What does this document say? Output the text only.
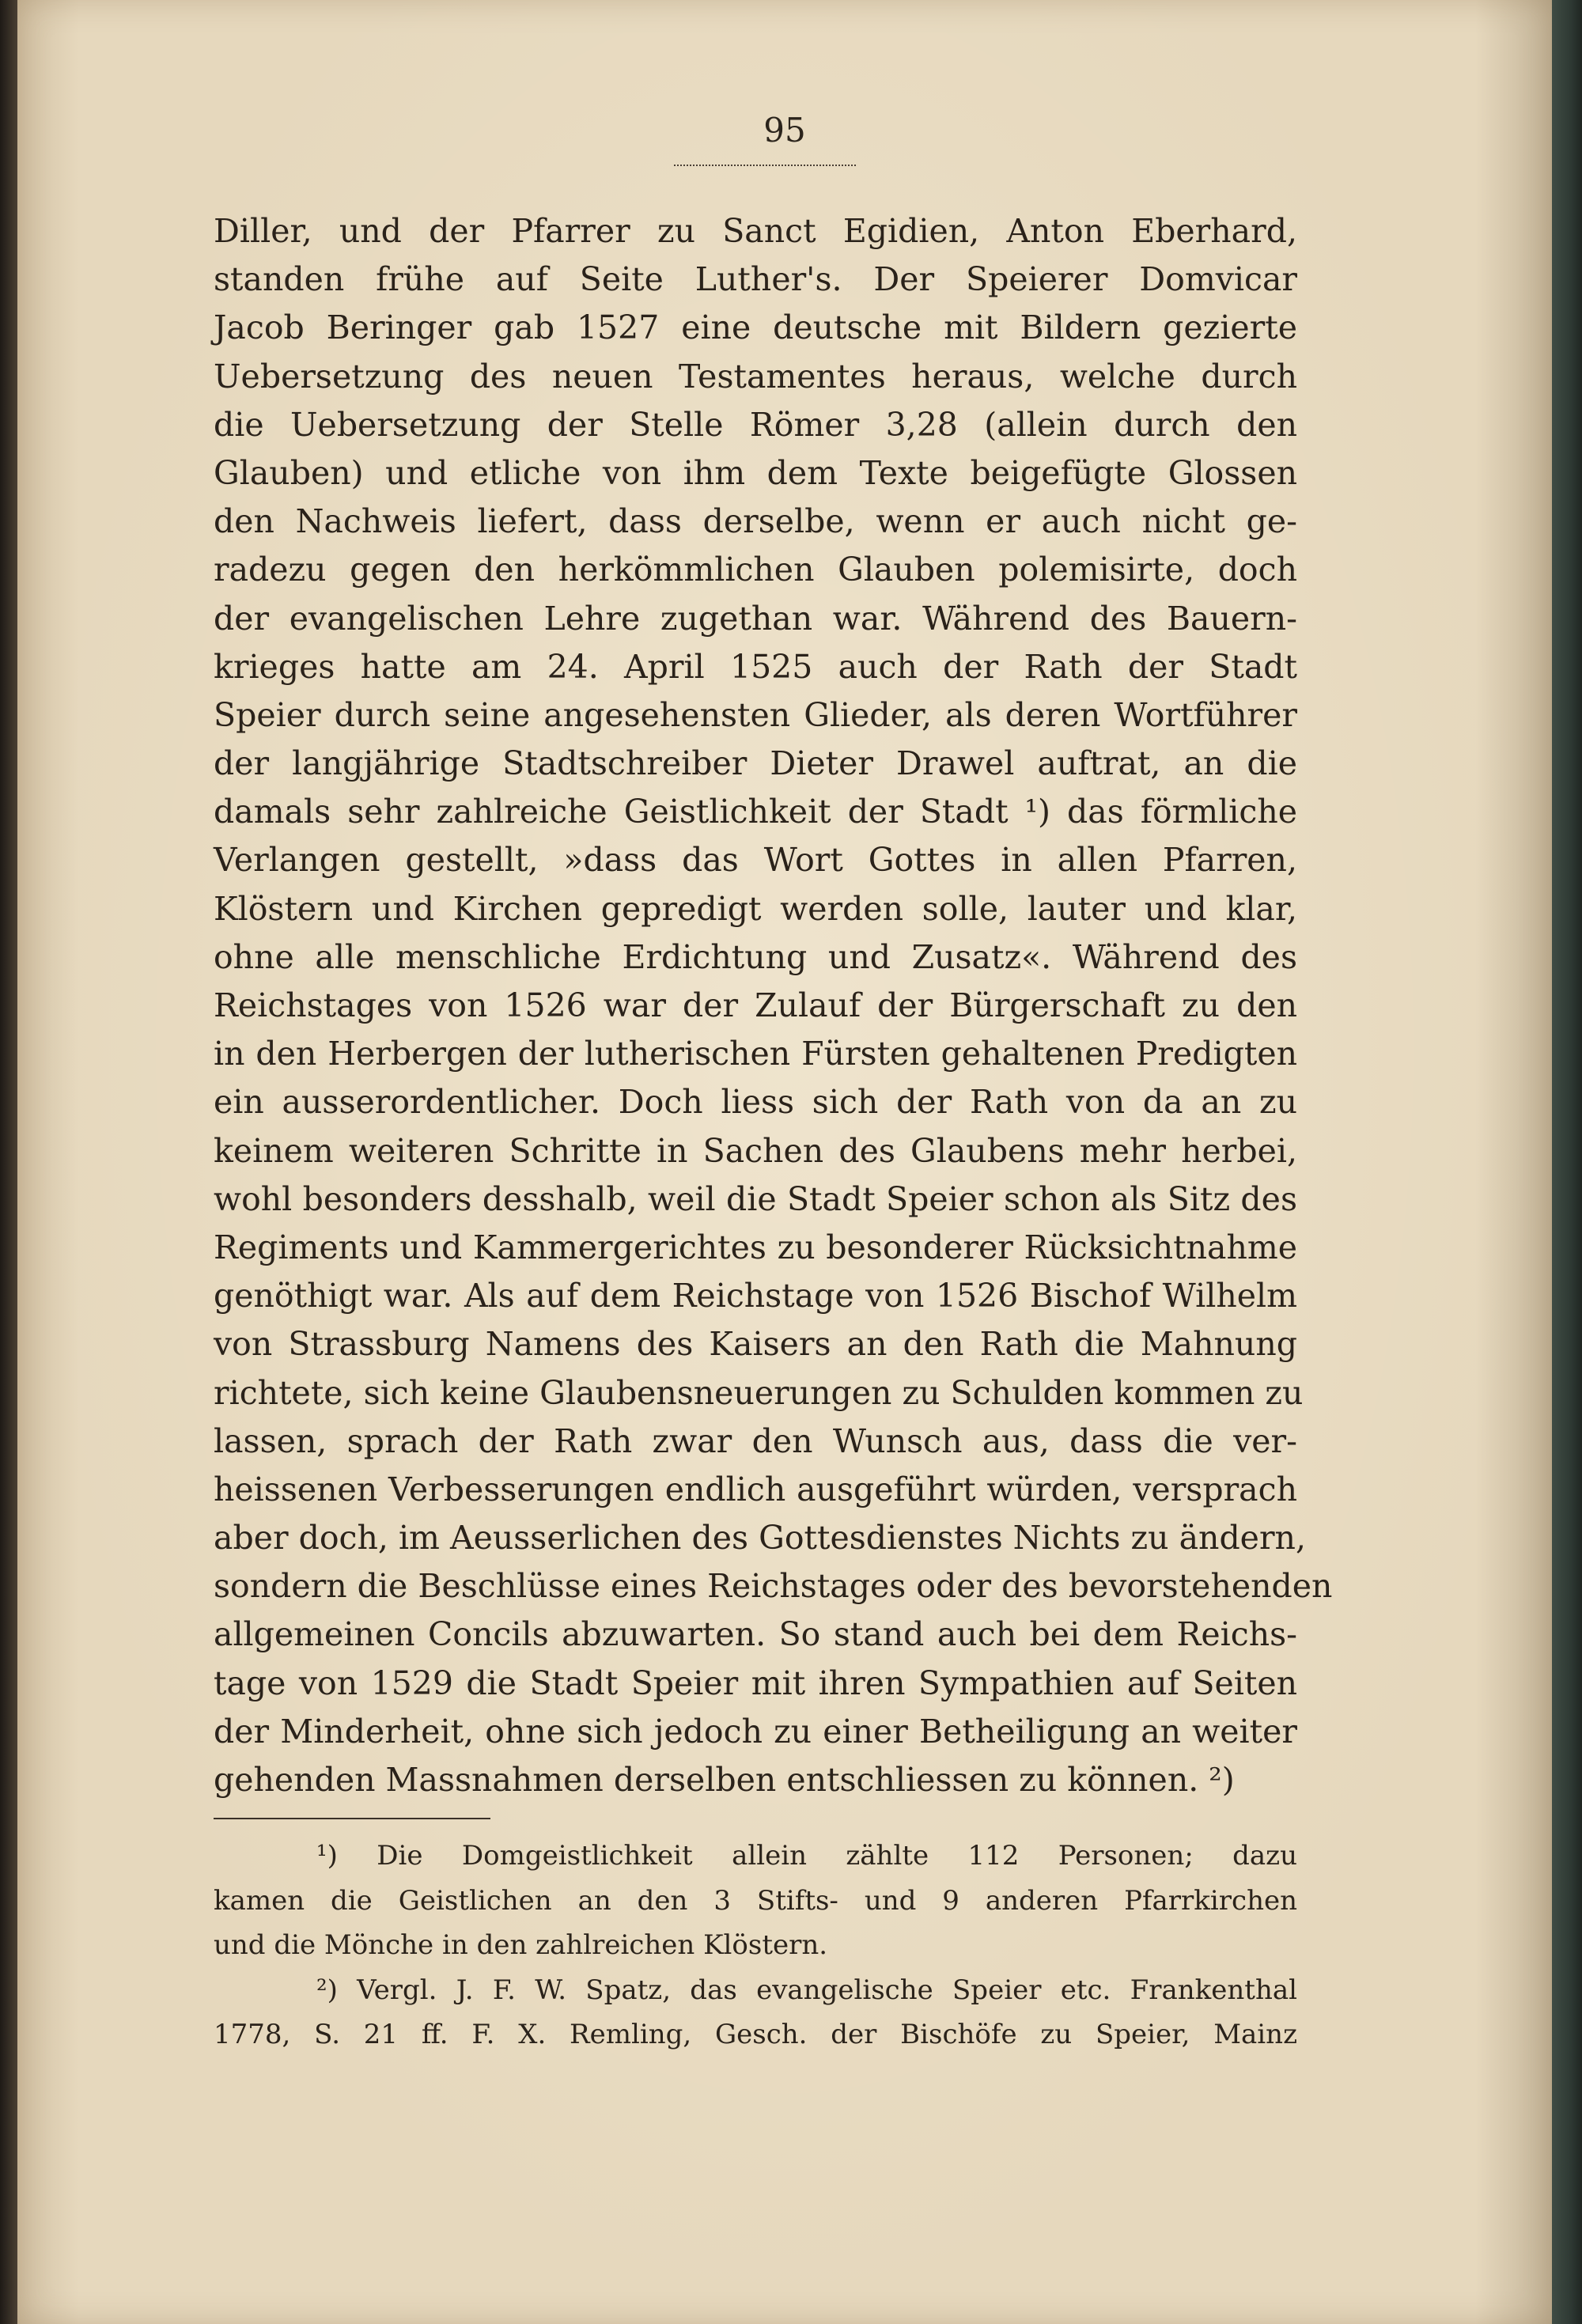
95
Diller, und der Pfarrer zu Sanct Egidien, Anton Eberhard,
standen frühe auf Seite Luther's. Der Speierer Domvicar
Jacob Beringer gab 1527 eine deutsche mit Bildern gezierte
Uebersetzung des neuen Testamentes heraus, welche durch
die Uebersetzung der Stelle Römer 3,28 (allein durch den
Glauben) und etliche von ihm dem Texte beigefügte Glossen
den Nachweis liefert, dass derselbe, wenn er auch nicht ge-
radezu gegen den herkömmlichen Glauben polemisirte, doch
der evangelischen Lehre zugethan war. Während des Bauern-
krieges hatte am 24. April 1525 auch der Rath der Stadt
Speier durch seine angesehensten Glieder, als deren Wortführer
der langjährige Stadtschreiber Dieter Drawel auftrat, an die
damals sehr zahlreiche Geistlichkeit der Stadt ¹) das förmliche
Verlangen gestellt, »dass das Wort Gottes in allen Pfarren,
Klöstern und Kirchen gepredigt werden solle, lauter und klar,
ohne alle menschliche Erdichtung und Zusatz«. Während des
Reichstages von 1526 war der Zulauf der Bürgerschaft zu den
in den Herbergen der lutherischen Fürsten gehaltenen Predigten
ein ausserordentlicher. Doch liess sich der Rath von da an zu
keinem weiteren Schritte in Sachen des Glaubens mehr herbei,
wohl besonders desshalb, weil die Stadt Speier schon als Sitz des
Regiments und Kammergerichtes zu besonderer Rücksichtnahme
genöthigt war. Als auf dem Reichstage von 1526 Bischof Wilhelm
von Strassburg Namens des Kaisers an den Rath die Mahnung
richtete, sich keine Glaubensneuerungen zu Schulden kommen zu
lassen, sprach der Rath zwar den Wunsch aus, dass die ver-
heissenen Verbesserungen endlich ausgeführt würden, versprach
aber doch, im Aeusserlichen des Gottesdienstes Nichts zu ändern,
sondern die Beschlüsse eines Reichstages oder des bevorstehenden
allgemeinen Concils abzuwarten. So stand auch bei dem Reichs-
tage von 1529 die Stadt Speier mit ihren Sympathien auf Seiten
der Minderheit, ohne sich jedoch zu einer Betheiligung an weiter
gehenden Massnahmen derselben entschliessen zu können. ²)
¹) Die Domgeistlichkeit allein zählte 112 Personen; dazu
kamen die Geistlichen an den 3 Stifts- und 9 anderen Pfarrkirchen
und die Mönche in den zahlreichen Klöstern.
²) Vergl. J. F. W. Spatz, das evangelische Speier etc. Frankenthal
1778, S. 21 ff. F. X. Remling, Gesch. der Bischöfe zu Speier, Mainz
